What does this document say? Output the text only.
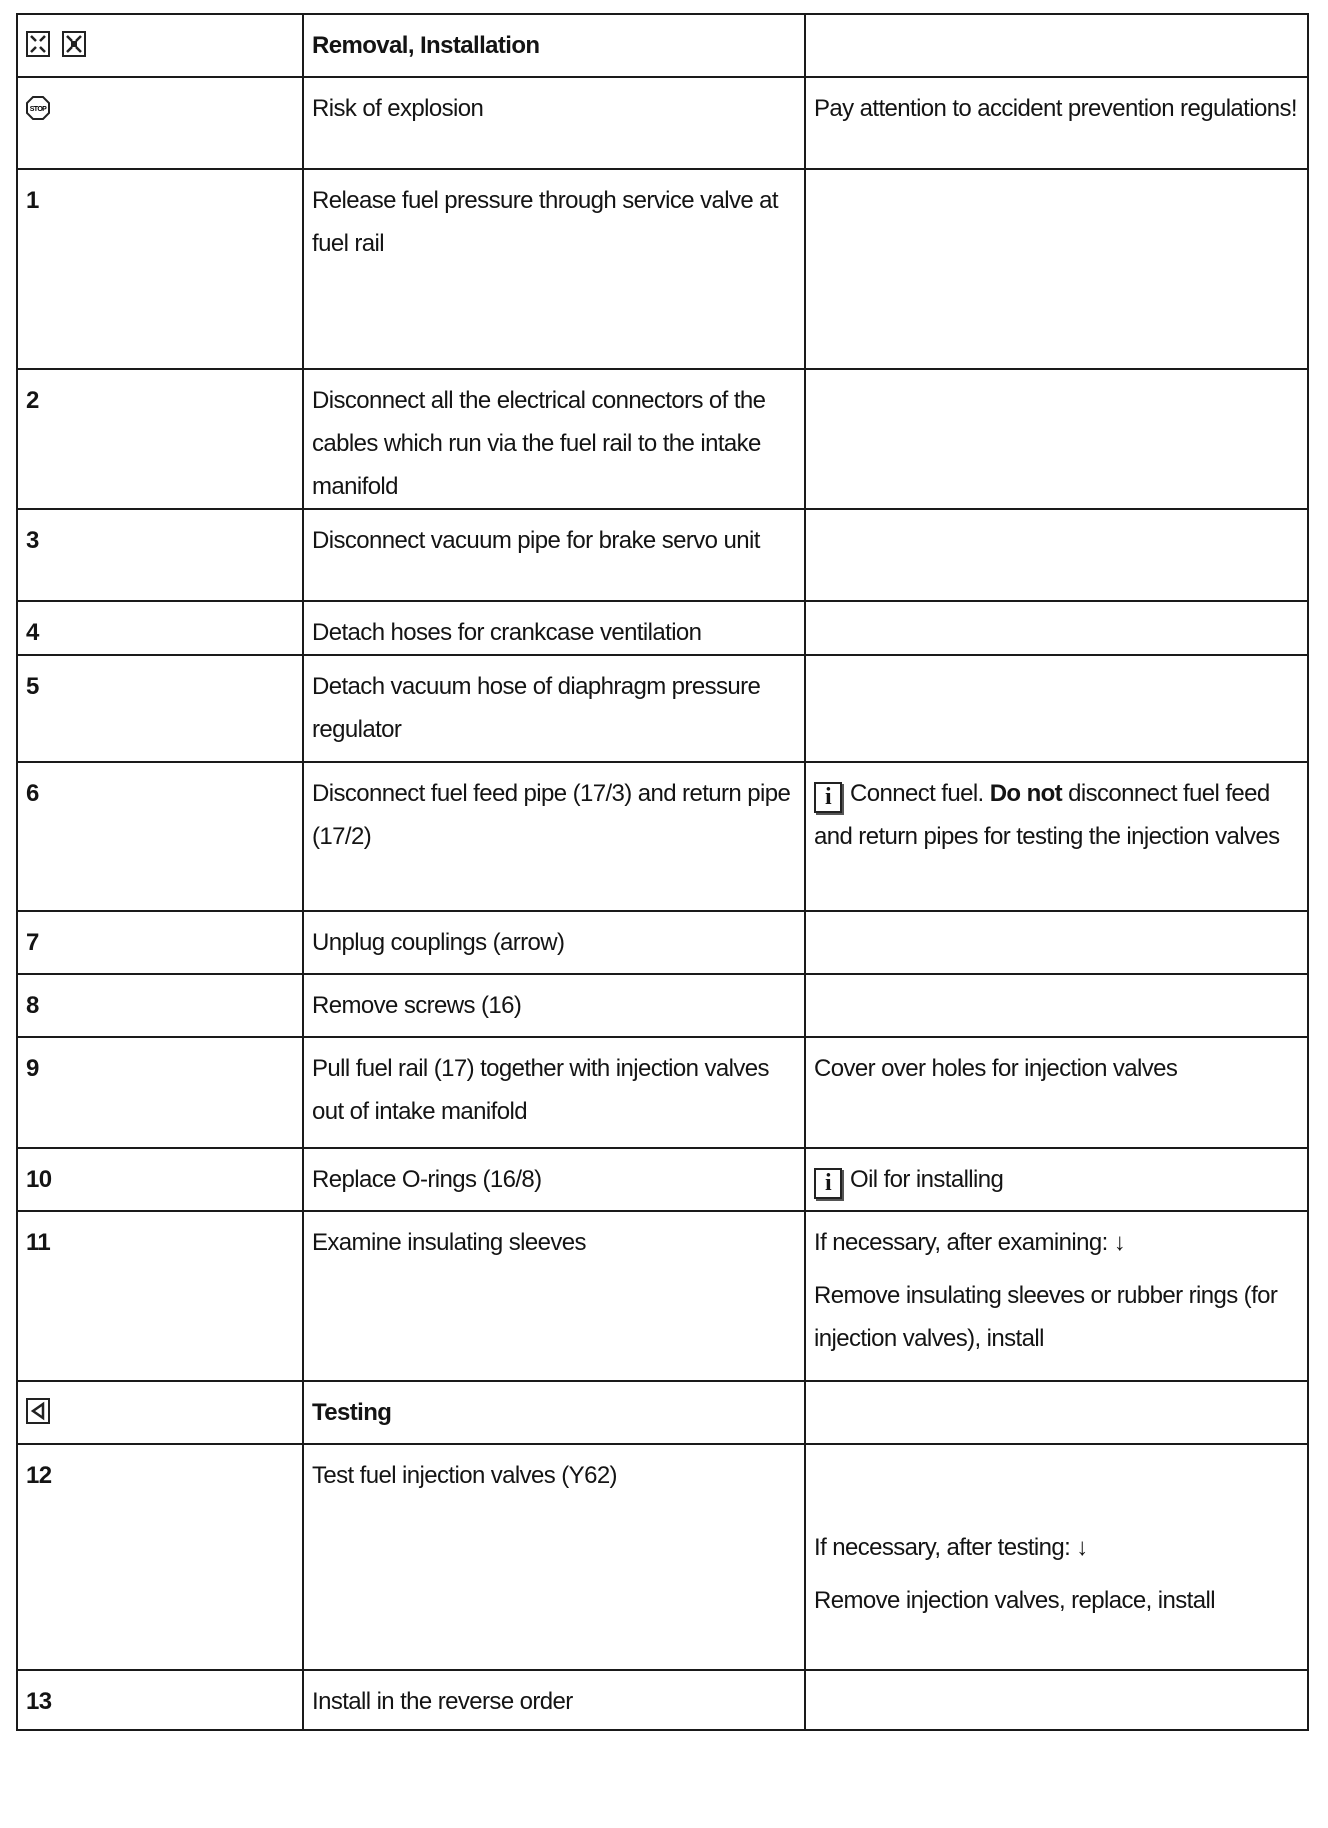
	Removal, Installation	

STOP	Risk of explosion	Pay attention to accident prevention regulations!
1	Release fuel pressure through service valve at fuel rail	
2	Disconnect all the electrical connectors of the cables which run via the fuel rail to the intake manifold	
3	Disconnect vacuum pipe for brake servo unit	
4	Detach hoses for crankcase ventilation	
5	Detach vacuum hose of diaphragm pressure regulator	
6	Disconnect fuel feed pipe (17/3) and return pipe (17/2)	i Connect fuel. Do not disconnect fuel feed and return pipes for testing the injection valves
7	Unplug couplings (arrow)	
8	Remove screws (16)	
9	Pull fuel rail (17) together with injection valves out of intake manifold	Cover over holes for injection valves
10	Replace O-rings (16/8)	i Oil for installing
11	Examine insulating sleeves	If necessary, after examining: ↓
Remove insulating sleeves or rubber rings (for injection valves), install

	Testing	
12	Test fuel injection valves (Y62)	If necessary, after testing: ↓
Remove injection valves, replace, install

13	Install in the reverse order	
